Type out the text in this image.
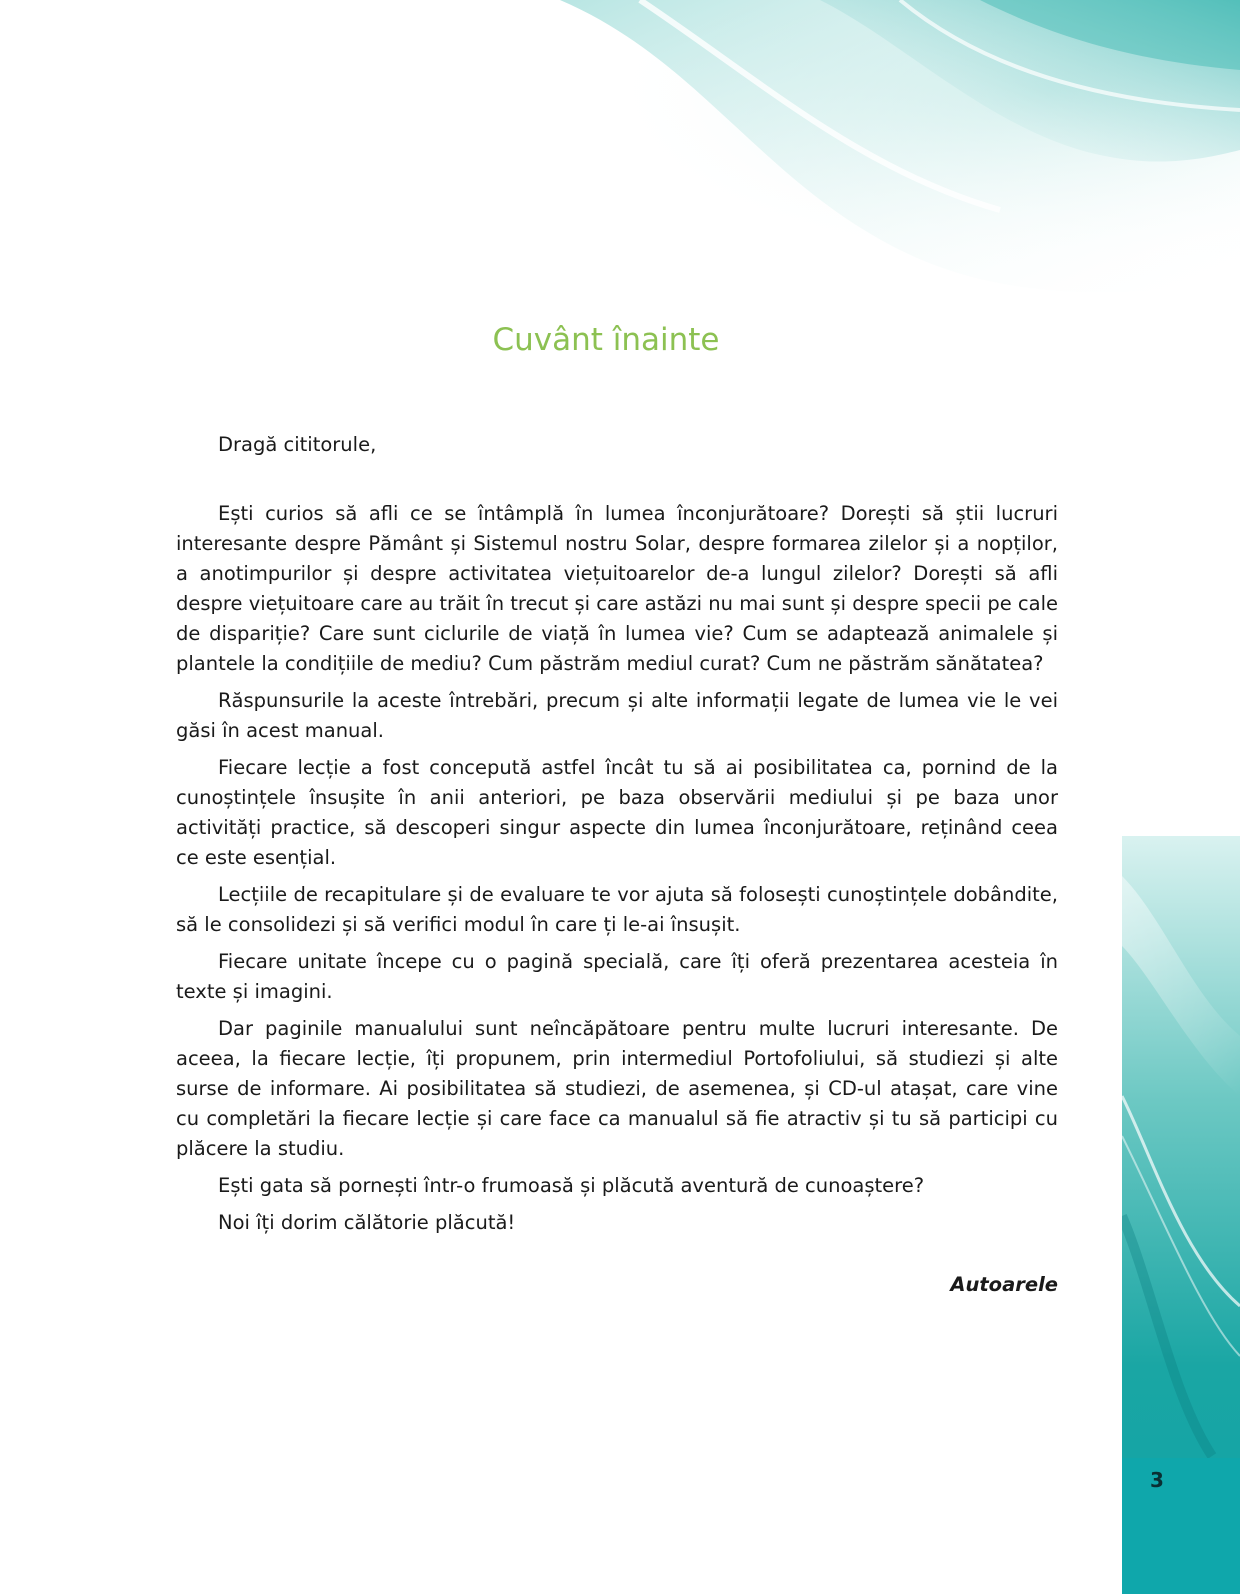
3
Cuvânt înainte

Dragă cititorule,

Ești curios să afli ce se întâmplă în lumea înconjurătoare? Dorești să știi lucruri interesante despre Pământ și Sistemul nostru Solar, despre formarea zilelor și a nopților, a anotimpurilor și despre activitatea viețuitoarelor de-a lungul zilelor? Dorești să afli despre viețuitoare care au trăit în trecut și care astăzi nu mai sunt și despre specii pe cale de dispariție? Care sunt ciclurile de viață în lumea vie? Cum se adaptează animalele și plantele la condițiile de mediu? Cum păstrăm mediul curat? Cum ne păstrăm sănătatea?

Răspunsurile la aceste întrebări, precum și alte informații legate de lumea vie le vei găsi în acest manual.

Fiecare lecție a fost concepută astfel încât tu să ai posibilitatea ca, pornind de la cunoștințele însușite în anii anteriori, pe baza observării mediului și pe baza unor activități practice, să descoperi singur aspecte din lumea înconjurătoare, reținând ceea ce este esențial.

Lecțiile de recapitulare și de evaluare te vor ajuta să folosești cunoștințele dobândite, să le consolidezi și să verifici modul în care ți le-ai însușit.

Fiecare unitate începe cu o pagină specială, care îți oferă prezentarea acesteia în texte și imagini.

Dar paginile manualului sunt neîncăpătoare pentru multe lucruri interesante. De aceea, la fiecare lecție, îți propunem, prin intermediul Portofoliului, să studiezi și alte surse de informare. Ai posibilitatea să studiezi, de asemenea, și CD-ul atașat, care vine cu completări la fiecare lecție și care face ca manualul să fie atractiv și tu să participi cu plăcere la studiu.

Ești gata să pornești într-o frumoasă și plăcută aventură de cunoaștere?

Noi îți dorim călătorie plăcută!

Autoarele
